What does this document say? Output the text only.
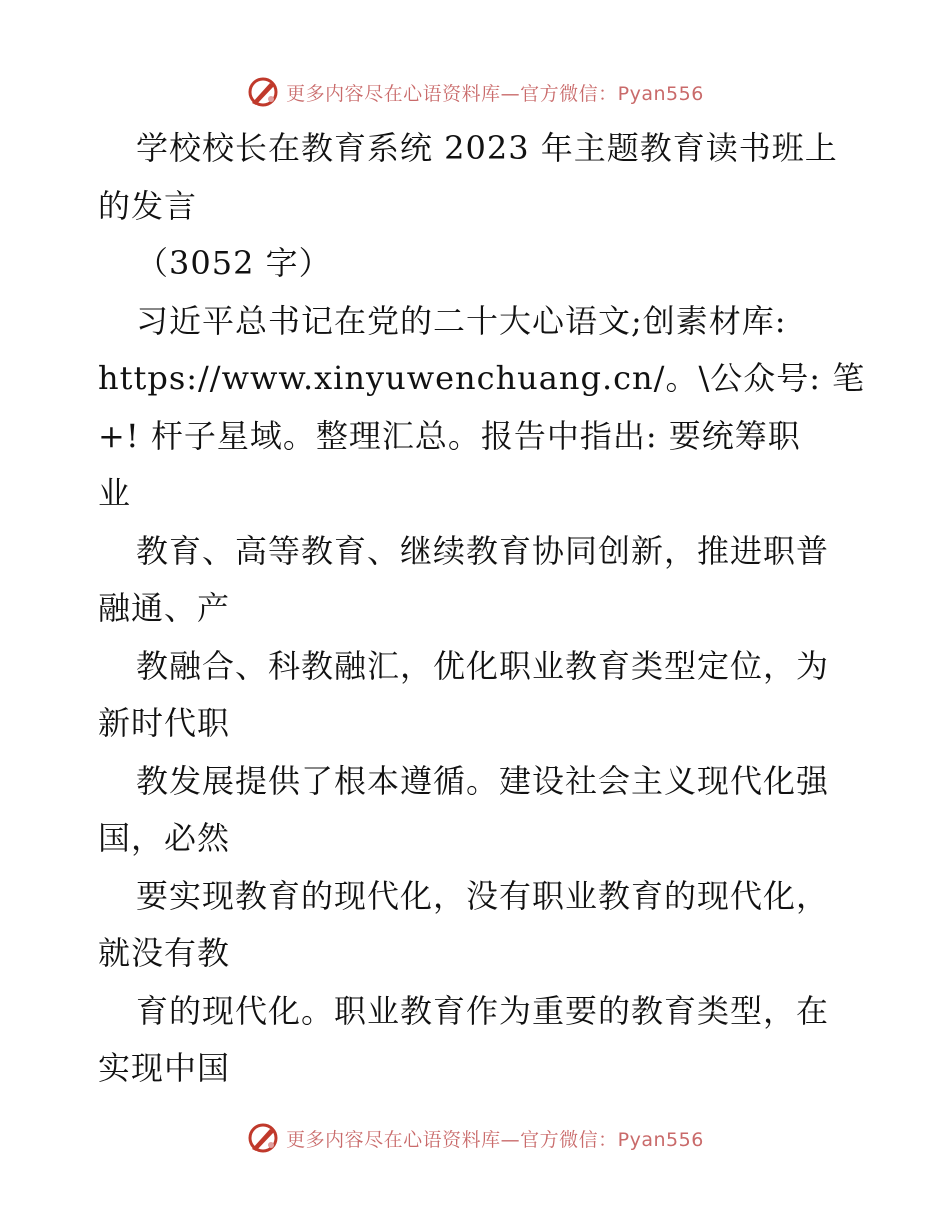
更多内容尽在心语资料库—官方微信：Pyan556
学校校长在教育系统 2023 年主题教育读书班上
的发言
（3052 字）
习近平总书记在党的二十大心语文;创素材库:
https://www.xinyuwenchuang.cn/。\公众号: 笔
+! 杆子星域。整理汇总。报告中指出: 要统筹职
业
教育、高等教育、继续教育协同创新，推进职普
融通、产
教融合、科教融汇，优化职业教育类型定位，为
新时代职
教发展提供了根本遵循。建设社会主义现代化强
国，必然
要实现教育的现代化，没有职业教育的现代化，
就没有教
育的现代化。职业教育作为重要的教育类型，在
实现中国
更多内容尽在心语资料库—官方微信：Pyan556
